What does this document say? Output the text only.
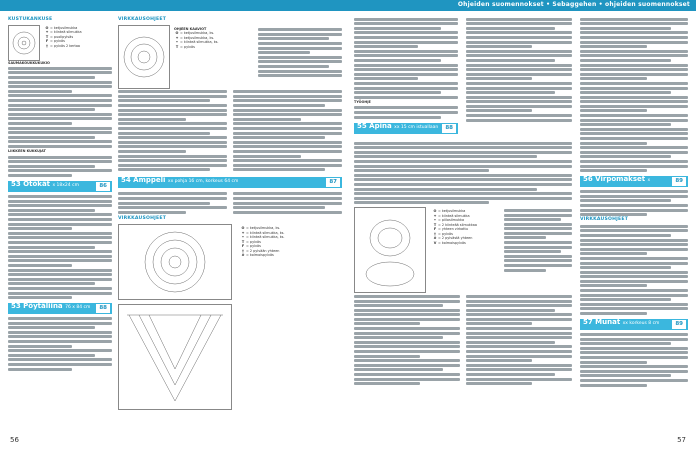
KUSTUKANKUSE
O = ketjusilmukka
+ = kiinteä silmukka
T = puolipylväs
F = pylväs
† = pylväs 2 kertaa
SAUMAKOUKKUKUKIO
LIIKKEEN KUKKUJAT
53 Ötökät x 18x24 cm	86
53 Pöytäliina 76 x 84 cm	88
VIRKKAUSOHJEET
OHJEEN KAAVIOT
O = ketjusilmukka, ks.
+ = ketjusilmukka, ks.
• = kiinteä silmukka, ks.
T = pylväs
54 Amppeli xx pohja 16 cm, korkeus 64 cm	87
VIRKKAUSOHJEET
O = ketjusilmukka, ks.
+ = kiinteä silmukka, ks.
• = kiinteä silmukka, ks.
T = pylväs
F = pylväs
† = 2 pylvään yhteen
# = kolmoispylväs
56
Ohjeiden suomennokset • Sebaggehen • ohjeiden suomennokset
TYÖOHJE
55 Apina xx 15 cm istuallaan	88
O = ketjusilmukka
+ = kiinteä silmukka
• = piilosilmukka
T = 2 kiinteää silmukkaa
F = yhteen virkattu
† = pylväs
# = 2 pylvästä yhteen
V = kolmoispylväs
56 Virpomakset x	89
VIRKKAUSOHJEET
57 Munat xx korkeus 8 cm	89
57
